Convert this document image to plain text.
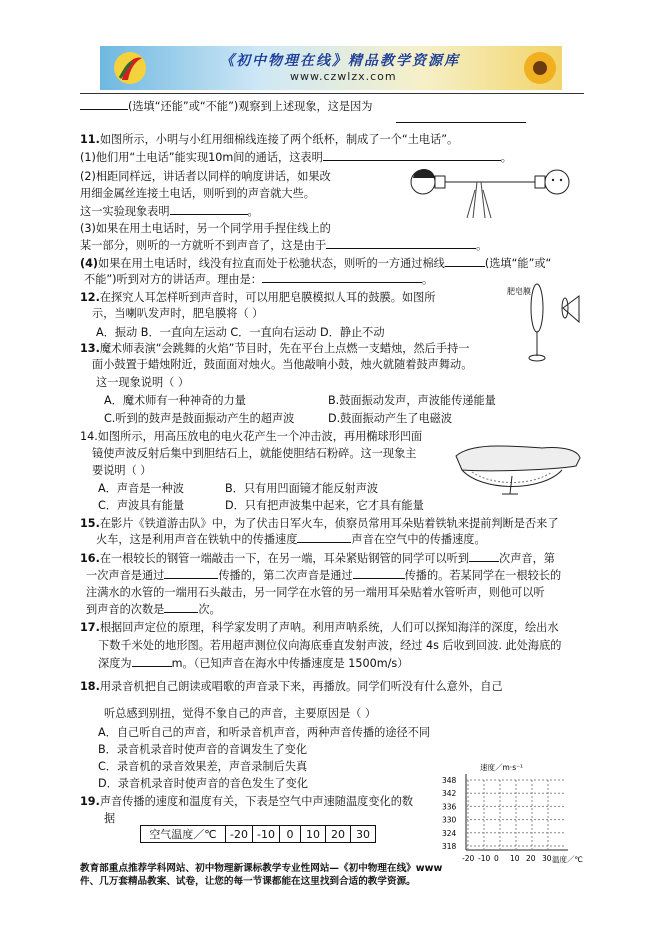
《初中物理在线》精品教学资源库
www.czwlzx.com
(选填“还能”或“不能”)观察到上述现象，这是因为
11.如图所示，小明与小红用细棉线连接了两个纸杯，制成了一个“土电话”。
(1)他们用“土电话”能实现10m间的通话，这表明	。
(2)相距同样远，讲话者以同样的响度讲话，如果改
用细金属丝连接土电话，则听到的声音就大些。
这一实验现象表明	。
(3)如果在用土电话时，另一个同学用手捏住线上的
某一部分，则听的一方就听不到声音了，这是由于	。
(4)如果在用土电话时，线没有拉直而处于松驰状态，则听的一方通过棉线	(选填“能”或“
不能”)听到对方的讲话声。理由是：	。
12.在探究人耳怎样听到声音时，可以用肥皂膜模拟人耳的鼓膜。如图所
示，当喇叭发声时，肥皂膜将（ ）
A．振动 B．一直向左运动 C．一直向右运动 D．静止不动
肥皂膜
13.魔术师表演“会跳舞的火焰”节目时，先在平台上点燃一支蜡烛，然后手持一
面小鼓置于蜡烛附近，鼓面面对烛火。当他敲响小鼓，烛火就随着鼓声舞动。
这一现象说明（ ）
A．魔术师有一种神奇的力量	B.鼓面振动发声，声波能传递能量
C.听到的鼓声是鼓面振动产生的超声波	D.鼓面振动产生了电磁波
14.如图所示，用高压放电的电火花产生一个冲击波，再用椭球形凹面
镜使声波反射后集中到胆结石上，就能使胆结石粉碎。这一现象主
要说明（ ）
A．声音是一种波	B．只有用凹面镜才能反射声波
C．声波具有能量	D．只有把声波集中起来，它才具有能量
15.在影片《铁道游击队》中，为了伏击日军火车，侦察员常用耳朵贴着铁轨来提前判断是否来了
火车，这是利用声音在铁轨中的传播速度	声音在空气中的传播速度。
16.在一根较长的钢管一端敲击一下，在另一端，耳朵紧贴钢管的同学可以听到	次声音，第
一次声音是通过	传播的，第二次声音是通过	传播的。若某同学在一根较长的
注满水的水管的一端用石头敲击，另一同学在水管的另一端用耳朵贴着水管听声，则他可以听
到声音的次数是	次。
17.根据回声定位的原理，科学家发明了声呐。利用声呐系统，人们可以探知海洋的深度，绘出水
下数千米处的地形图。若用超声测位仪向海底垂直发射声波，经过 4s 后收到回波. 此处海底的
深度为	m。（已知声音在海水中传播速度是 1500m/s）
18.用录音机把自己朗读或唱歌的声音录下来，再播放。同学们听没有什么意外，自己
听总感到别扭，觉得不象自己的声音，主要原因是（ ）
A．自己听自己的声音，和听录音机声音，两种声音传播的途径不同
B．录音机录音时使声音的音调发生了变化
C．录音机的录音效果差，声音录制后失真
D．录音机录音时使声音的音色发生了变化
19.声音传播的速度和温度有关，下表是空气中声速随温度变化的数
据
空气温度／℃	-20	-10	0	10	20	30
速度／m·s⁻¹
348
342
336
330
324
318
-20 -10 0 10 20 30 温度／℃
教育部重点推荐学科网站、初中物理新课标教学专业性网站—《初中物理在线》www
件、几万套精品教案、试卷，让您的每一节课都能在这里找到合适的教学资源。
